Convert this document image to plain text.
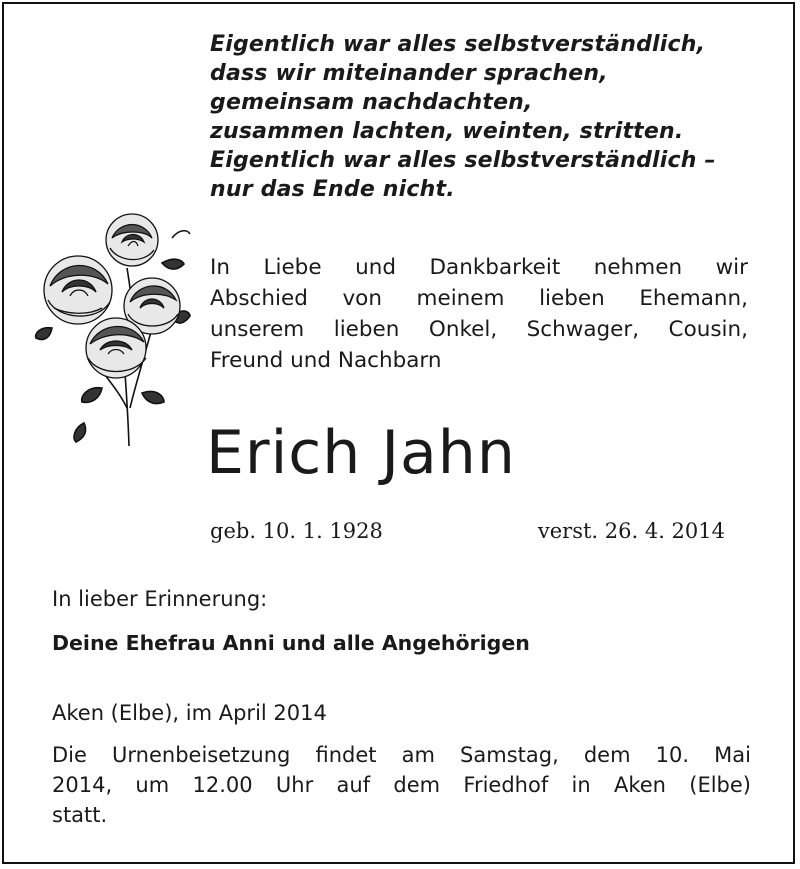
Eigentlich war alles selbstverständlich,
dass wir miteinander sprachen,
gemeinsam nachdachten,
zusammen lachten, weinten, stritten.
Eigentlich war alles selbstverständlich –
nur das Ende nicht.
In Liebe und Dankbarkeit nehmen wir
Abschied von meinem lieben Ehemann,
unserem lieben Onkel, Schwager, Cousin,
Freund und Nachbarn
Erich Jahn
geb. 10. 1. 1928	verst. 26. 4. 2014
In lieber Erinnerung:
Deine Ehefrau Anni und alle Angehörigen
Aken (Elbe), im April 2014
Die Urnenbeisetzung findet am Samstag, dem 10. Mai
2014, um 12.00 Uhr auf dem Friedhof in Aken (Elbe)
statt.
